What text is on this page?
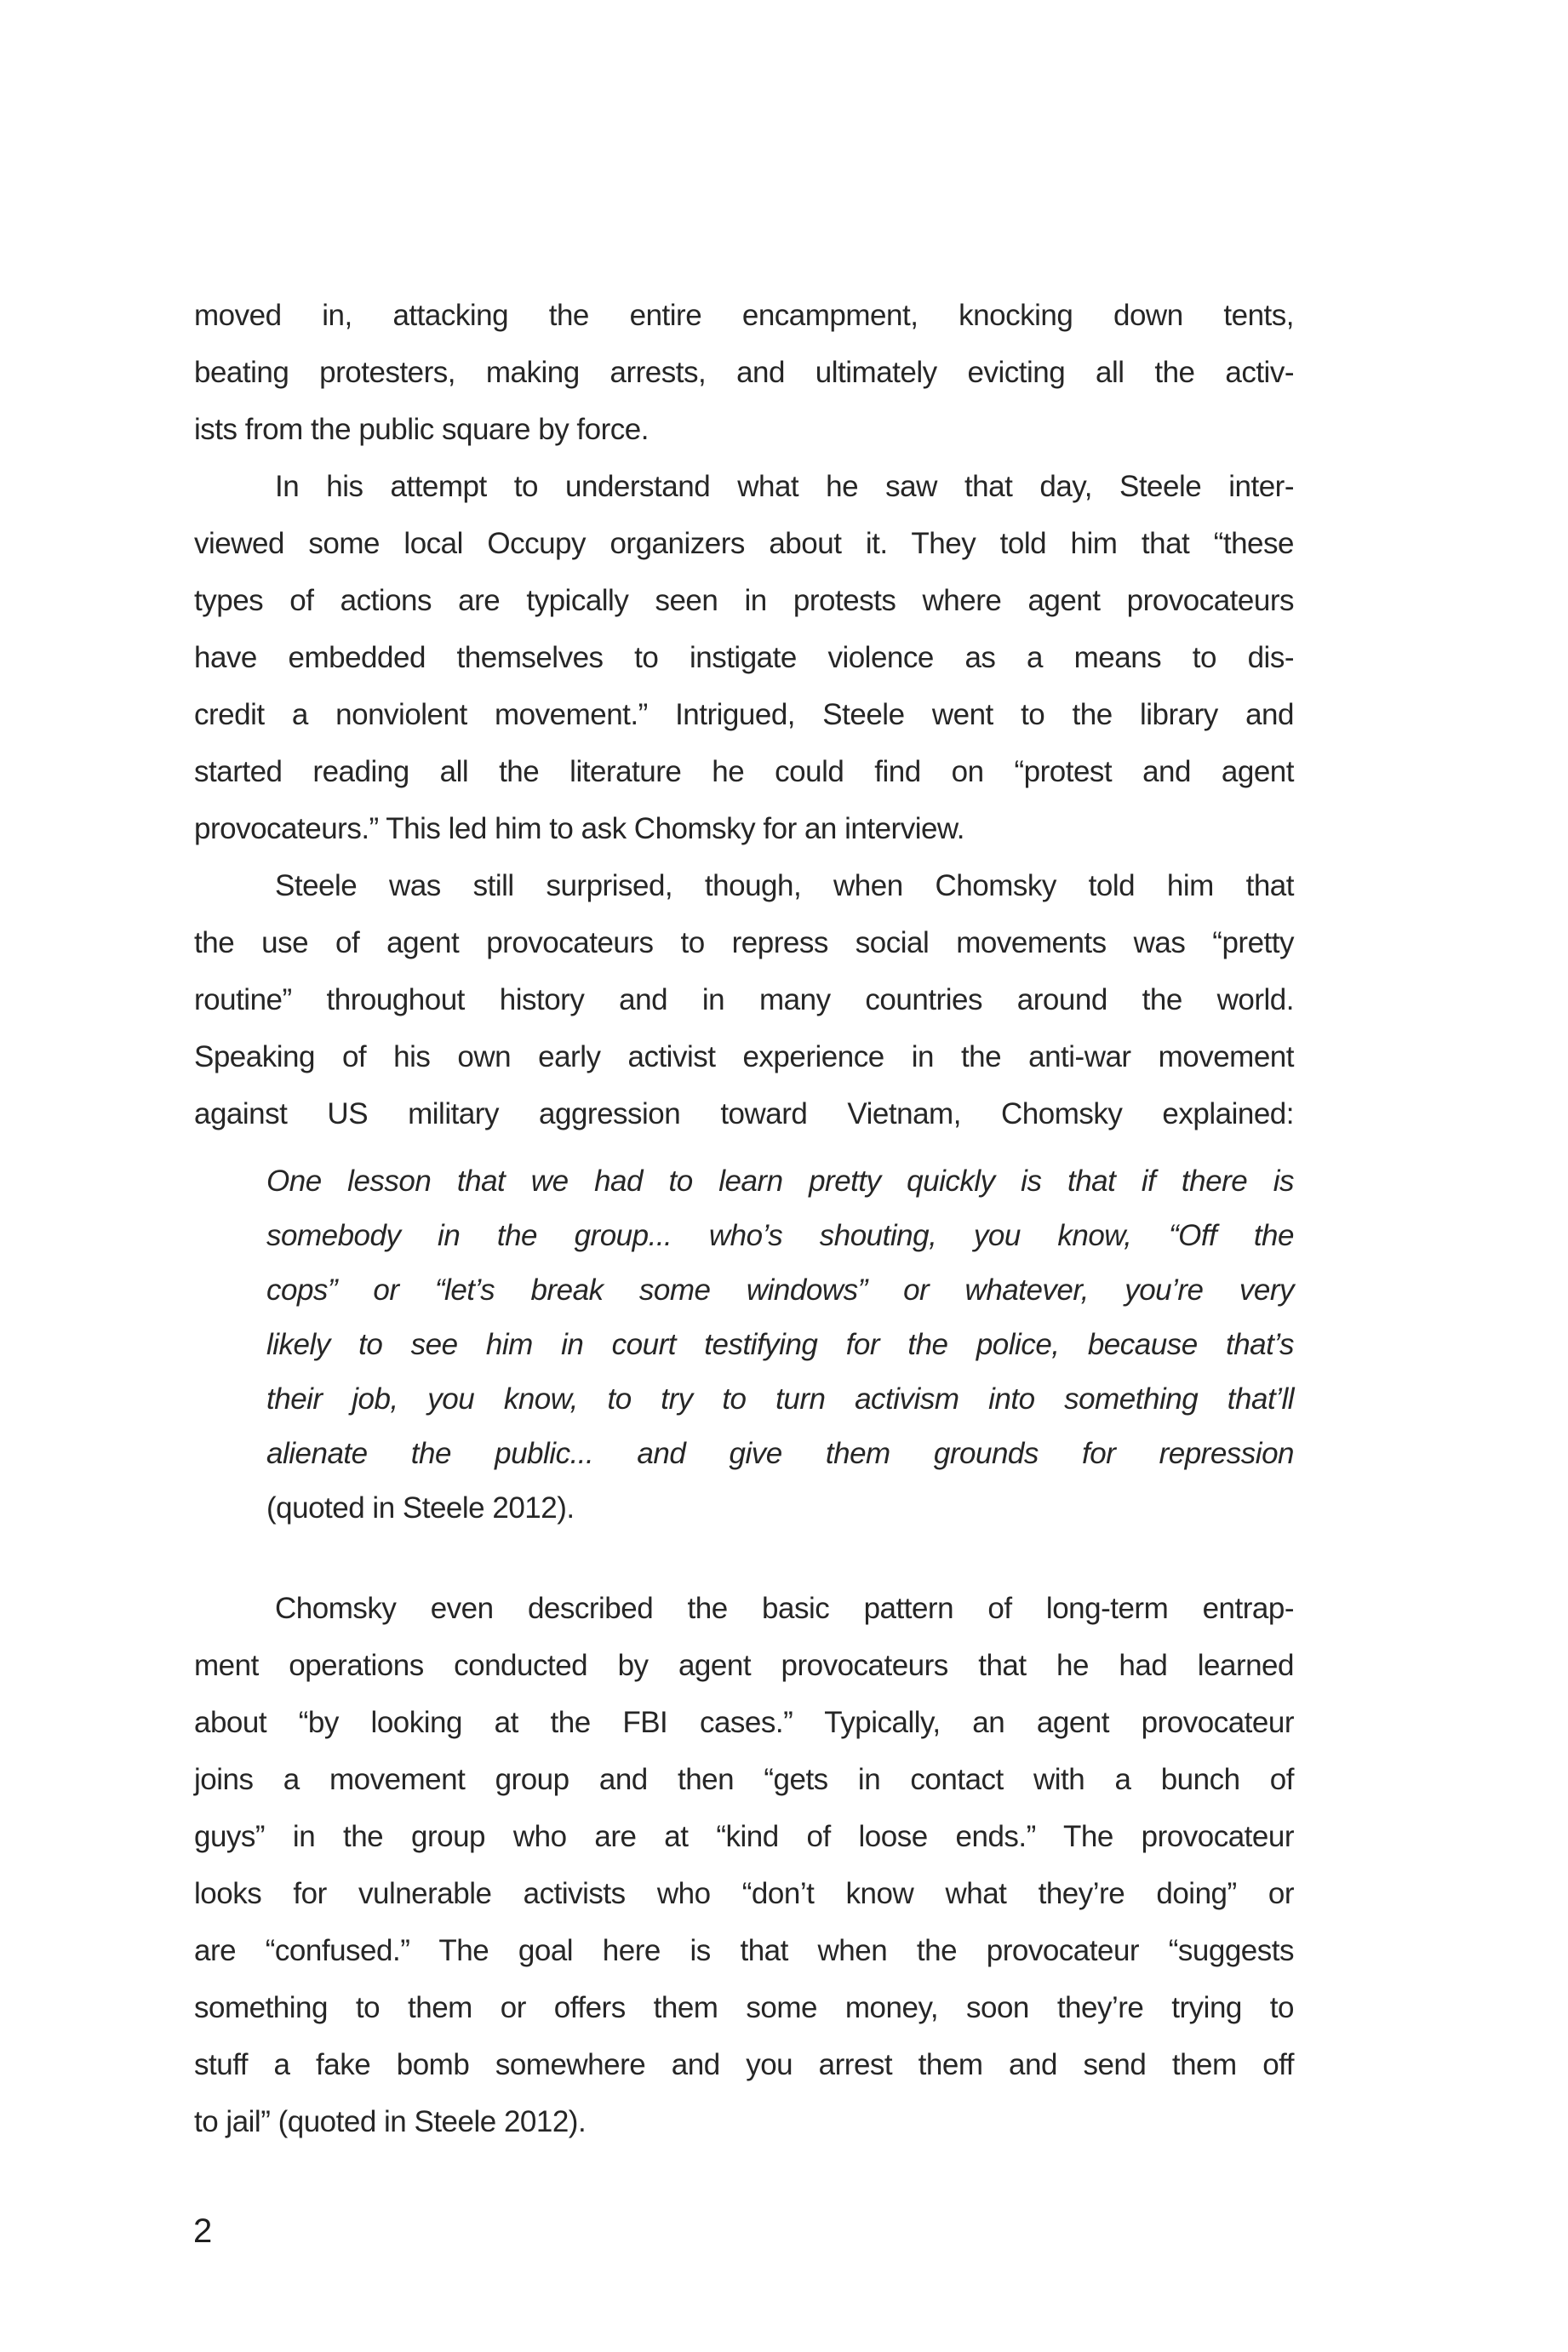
moved in, attacking the entire encampment, knocking down tents,
beating protesters, making arrests, and ultimately evicting all the activ-
ists from the public square by force.
In his attempt to understand what he saw that day, Steele inter-
viewed some local Occupy organizers about it. They told him that “these
types of actions are typically seen in protests where agent provocateurs
have embedded themselves to instigate violence as a means to dis-
credit a nonviolent movement.” Intrigued, Steele went to the library and
started reading all the literature he could find on “protest and agent
provocateurs.” This led him to ask Chomsky for an interview.
Steele was still surprised, though, when Chomsky told him that
the use of agent provocateurs to repress social movements was “pretty
routine” throughout history and in many countries around the world.
Speaking of his own early activist experience in the anti-war movement
against US military aggression toward Vietnam, Chomsky explained:
One lesson that we had to learn pretty quickly is that if there is
somebody in the group... who’s shouting, you know, “Off the
cops” or “let’s break some windows” or whatever, you’re very
likely to see him in court testifying for the police, because that’s
their job, you know, to try to turn activism into something that’ll
alienate the public... and give them grounds for repression
(quoted in Steele 2012).
Chomsky even described the basic pattern of long-term entrap-
ment operations conducted by agent provocateurs that he had learned
about “by looking at the FBI cases.” Typically, an agent provocateur
joins a movement group and then “gets in contact with a bunch of
guys” in the group who are at “kind of loose ends.” The provocateur
looks for vulnerable activists who “don’t know what they’re doing” or
are “confused.” The goal here is that when the provocateur “suggests
something to them or offers them some money, soon they’re trying to
stuff a fake bomb somewhere and you arrest them and send them off
to jail” (quoted in Steele 2012).
2
